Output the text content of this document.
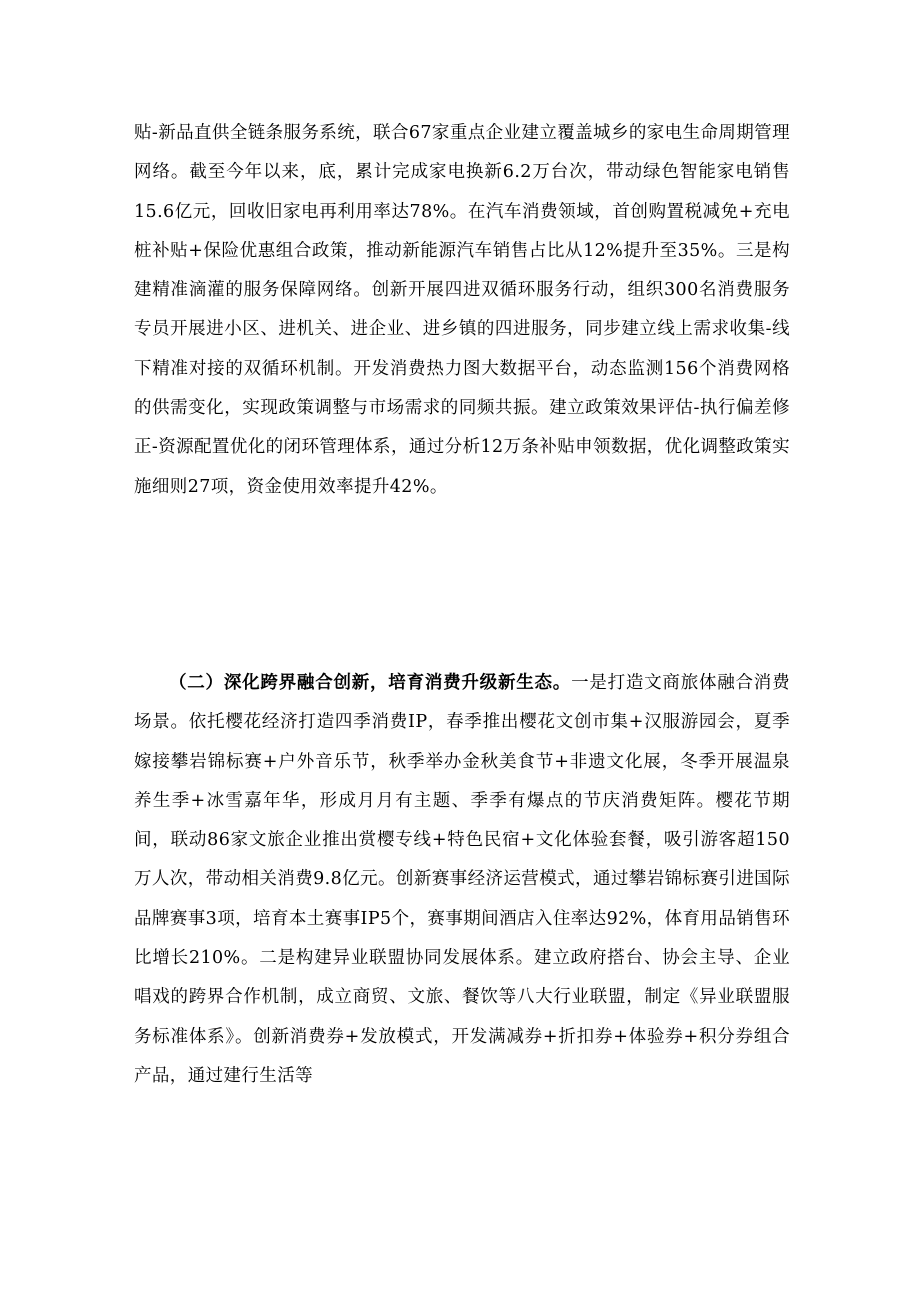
贴-新品直供全链条服务系统，联合67家重点企业建立覆盖城乡的家电生命周期管理网络。截至今年以来，底，累计完成家电换新6.2万台次，带动绿色智能家电销售15.6亿元，回收旧家电再利用率达78%。在汽车消费领域，首创购置税减免+充电桩补贴+保险优惠组合政策，推动新能源汽车销售占比从12%提升至35%。三是构建精准滴灌的服务保障网络。创新开展四进双循环服务行动，组织300名消费服务专员开展进小区、进机关、进企业、进乡镇的四进服务，同步建立线上需求收集-线下精准对接的双循环机制。开发消费热力图大数据平台，动态监测156个消费网格的供需变化，实现政策调整与市场需求的同频共振。建立政策效果评估-执行偏差修正-资源配置优化的闭环管理体系，通过分析12万条补贴申领数据，优化调整政策实施细则27项，资金使用效率提升42%。

（二）深化跨界融合创新，培育消费升级新生态。一是打造文商旅体融合消费场景。依托樱花经济打造四季消费IP，春季推出樱花文创市集+汉服游园会，夏季嫁接攀岩锦标赛+户外音乐节，秋季举办金秋美食节+非遗文化展，冬季开展温泉养生季+冰雪嘉年华，形成月月有主题、季季有爆点的节庆消费矩阵。樱花节期间，联动86家文旅企业推出赏樱专线+特色民宿+文化体验套餐，吸引游客超150万人次，带动相关消费9.8亿元。创新赛事经济运营模式，通过攀岩锦标赛引进国际品牌赛事3项，培育本土赛事IP5个，赛事期间酒店入住率达92%，体育用品销售环比增长210%。二是构建异业联盟协同发展体系。建立政府搭台、协会主导、企业唱戏的跨界合作机制，成立商贸、文旅、餐饮等八大行业联盟，制定《异业联盟服务标准体系》。创新消费券+发放模式，开发满减券+折扣券+体验券+积分券组合产品，通过建行生活等
